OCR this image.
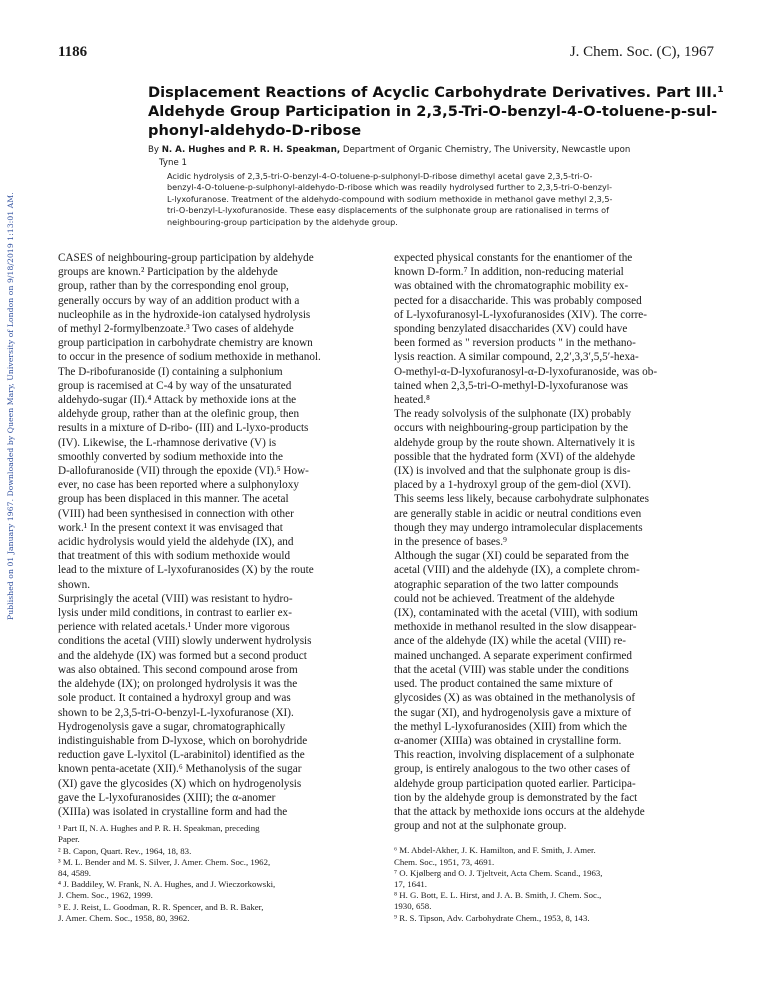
Published on 01 January 1967. Downloaded by Queen Mary, University of London on 9/18/2019 1:13:01 AM.
1186	J. Chem. Soc. (C), 1967

Displacement Reactions of Acyclic Carbohydrate Derivatives. Part III.¹

Aldehyde Group Participation in 2,3,5-Tri-O-benzyl-4-O-toluene-p-sul-

phonyl-aldehydo-D-ribose

By N. A. Hughes and P. R. H. Speakman, Department of Organic Chemistry, The University, Newcastle upon

Tyne 1

Acidic hydrolysis of 2,3,5-tri-O-benzyl-4-O-toluene-p-sulphonyl-D-ribose dimethyl acetal gave 2,3,5-tri-O-

benzyl-4-O-toluene-p-sulphonyl-aldehydo-D-ribose which was readily hydrolysed further to 2,3,5-tri-O-benzyl-

L-lyxofuranose. Treatment of the aldehydo-compound with sodium methoxide in methanol gave methyl 2,3,5-

tri-O-benzyl-L-lyxofuranoside. These easy displacements of the sulphonate group are rationalised in terms of

neighbouring-group participation by the aldehyde group.

CASES of neighbouring-group participation by aldehyde

groups are known.² Participation by the aldehyde

group, rather than by the corresponding enol group,

generally occurs by way of an addition product with a

nucleophile as in the hydroxide-ion catalysed hydrolysis

of methyl 2-formylbenzoate.³ Two cases of aldehyde

group participation in carbohydrate chemistry are known

to occur in the presence of sodium methoxide in methanol.

The D-ribofuranoside (I) containing a sulphonium

group is racemised at C-4 by way of the unsaturated

aldehydo-sugar (II).⁴ Attack by methoxide ions at the

aldehyde group, rather than at the olefinic group, then

results in a mixture of D-ribo- (III) and L-lyxo-products

(IV). Likewise, the L-rhamnose derivative (V) is

smoothly converted by sodium methoxide into the

D-allofuranoside (VII) through the epoxide (VI).⁵ How-

ever, no case has been reported where a sulphonyloxy

group has been displaced in this manner. The acetal

(VIII) had been synthesised in connection with other

work.¹ In the present context it was envisaged that

acidic hydrolysis would yield the aldehyde (IX), and

that treatment of this with sodium methoxide would

lead to the mixture of L-lyxofuranosides (X) by the route

shown.

Surprisingly the acetal (VIII) was resistant to hydro-

lysis under mild conditions, in contrast to earlier ex-

perience with related acetals.¹ Under more vigorous

conditions the acetal (VIII) slowly underwent hydrolysis

and the aldehyde (IX) was formed but a second product

was also obtained. This second compound arose from

the aldehyde (IX); on prolonged hydrolysis it was the

sole product. It contained a hydroxyl group and was

shown to be 2,3,5-tri-O-benzyl-L-lyxofuranose (XI).

Hydrogenolysis gave a sugar, chromatographically

indistinguishable from D-lyxose, which on borohydride

reduction gave L-lyxitol (L-arabinitol) identified as the

known penta-acetate (XII).⁶ Methanolysis of the sugar

(XI) gave the glycosides (X) which on hydrogenolysis

gave the L-lyxofuranosides (XIII); the α-anomer

(XIIIa) was isolated in crystalline form and had the

¹ Part II, N. A. Hughes and P. R. H. Speakman, preceding

Paper.

² B. Capon, Quart. Rev., 1964, 18, 83.

³ M. L. Bender and M. S. Silver, J. Amer. Chem. Soc., 1962,

84, 4589.

⁴ J. Baddiley, W. Frank, N. A. Hughes, and J. Wieczorkowski,

J. Chem. Soc., 1962, 1999.

⁵ E. J. Reist, L. Goodman, R. R. Spencer, and B. R. Baker,

J. Amer. Chem. Soc., 1958, 80, 3962.

expected physical constants for the enantiomer of the

known D-form.⁷ In addition, non-reducing material

was obtained with the chromatographic mobility ex-

pected for a disaccharide. This was probably composed

of L-lyxofuranosyl-L-lyxofuranosides (XIV). The corre-

sponding benzylated disaccharides (XV) could have

been formed as " reversion products " in the methano-

lysis reaction. A similar compound, 2,2′,3,3′,5,5′-hexa-

O-methyl-α-D-lyxofuranosyl-α-D-lyxofuranoside, was ob-

tained when 2,3,5-tri-O-methyl-D-lyxofuranose was

heated.⁸

The ready solvolysis of the sulphonate (IX) probably

occurs with neighbouring-group participation by the

aldehyde group by the route shown. Alternatively it is

possible that the hydrated form (XVI) of the aldehyde

(IX) is involved and that the sulphonate group is dis-

placed by a 1-hydroxyl group of the gem-diol (XVI).

This seems less likely, because carbohydrate sulphonates

are generally stable in acidic or neutral conditions even

though they may undergo intramolecular displacements

in the presence of bases.⁹

Although the sugar (XI) could be separated from the

acetal (VIII) and the aldehyde (IX), a complete chrom-

atographic separation of the two latter compounds

could not be achieved. Treatment of the aldehyde

(IX), contaminated with the acetal (VIII), with sodium

methoxide in methanol resulted in the slow disappear-

ance of the aldehyde (IX) while the acetal (VIII) re-

mained unchanged. A separate experiment confirmed

that the acetal (VIII) was stable under the conditions

used. The product contained the same mixture of

glycosides (X) as was obtained in the methanolysis of

the sugar (XI), and hydrogenolysis gave a mixture of

the methyl L-lyxofuranosides (XIII) from which the

α-anomer (XIIIa) was obtained in crystalline form.

This reaction, involving displacement of a sulphonate

group, is entirely analogous to the two other cases of

aldehyde group participation quoted earlier. Participa-

tion by the aldehyde group is demonstrated by the fact

that the attack by methoxide ions occurs at the aldehyde

group and not at the sulphonate group.

⁶ M. Abdel-Akher, J. K. Hamilton, and F. Smith, J. Amer.

Chem. Soc., 1951, 73, 4691.

⁷ O. Kjølberg and O. J. Tjeltveit, Acta Chem. Scand., 1963,

17, 1641.

⁸ H. G. Bott, E. L. Hirst, and J. A. B. Smith, J. Chem. Soc.,

1930, 658.

⁹ R. S. Tipson, Adv. Carbohydrate Chem., 1953, 8, 143.
